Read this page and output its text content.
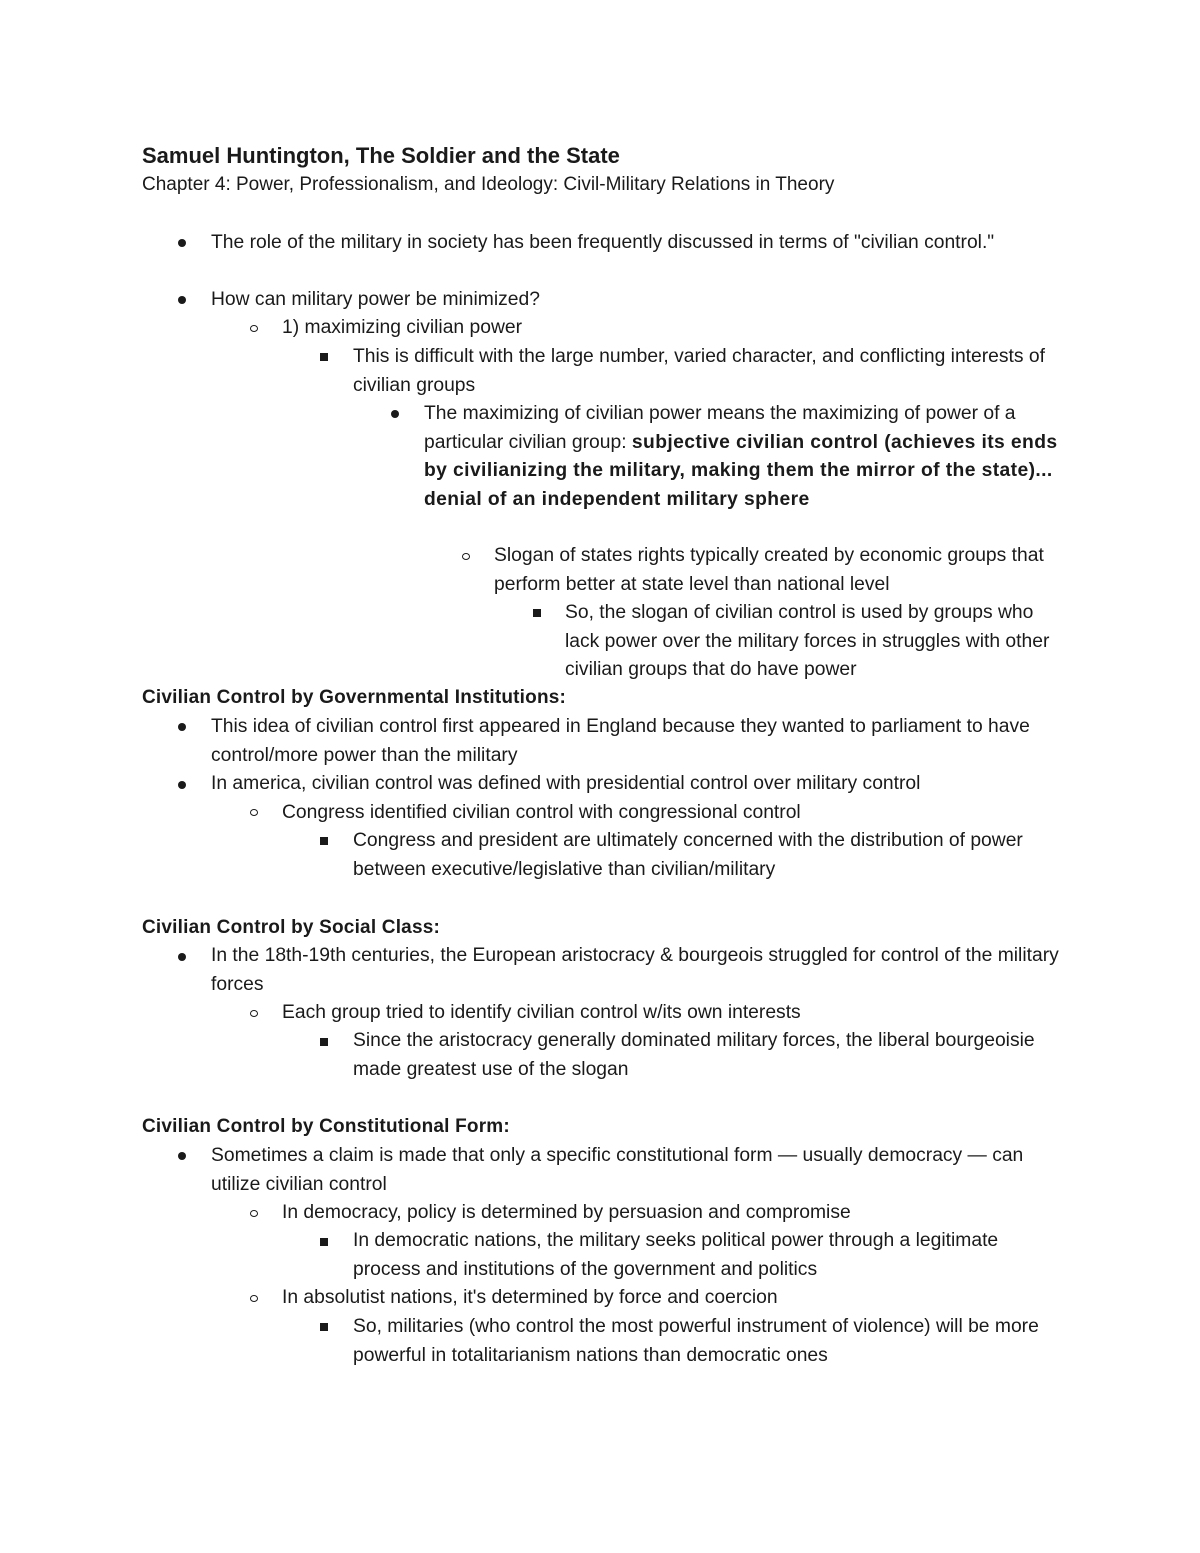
Samuel Huntington, The Soldier and the State

Chapter 4: Power, Professionalism, and Ideology: Civil-Military Relations in Theory

The role of the military in society has been frequently discussed in terms of "civilian control."
How can military power be minimized?
1) maximizing civilian power
This is difficult with the large number, varied character, and conflicting interests of civilian groups
The maximizing of civilian power means the maximizing of power of a particular civilian group: subjective civilian control (achieves its ends by civilianizing the military, making them the mirror of the state)... denial of an independent military sphere
Slogan of states rights typically created by economic groups that perform better at state level than national level
So, the slogan of civilian control is used by groups who lack power over the military forces in struggles with other civilian groups that do have power
Civilian Control by Governmental Institutions:
This idea of civilian control first appeared in England because they wanted to parliament to have control/more power than the military
In america, civilian control was defined with presidential control over military control
Congress identified civilian control with congressional control
Congress and president are ultimately concerned with the distribution of power between executive/legislative than civilian/military
Civilian Control by Social Class:
In the 18th-19th centuries, the European aristocracy & bourgeois struggled for control of the military forces
Each group tried to identify civilian control w/its own interests
Since the aristocracy generally dominated military forces, the liberal bourgeoisie made greatest use of the slogan
Civilian Control by Constitutional Form:
Sometimes a claim is made that only a specific constitutional form — usually democracy — can utilize civilian control
In democracy, policy is determined by persuasion and compromise
In democratic nations, the military seeks political power through a legitimate process and institutions of the government and politics
In absolutist nations, it's determined by force and coercion
So, militaries (who control the most powerful instrument of violence) will be more powerful in totalitarianism nations than democratic ones
